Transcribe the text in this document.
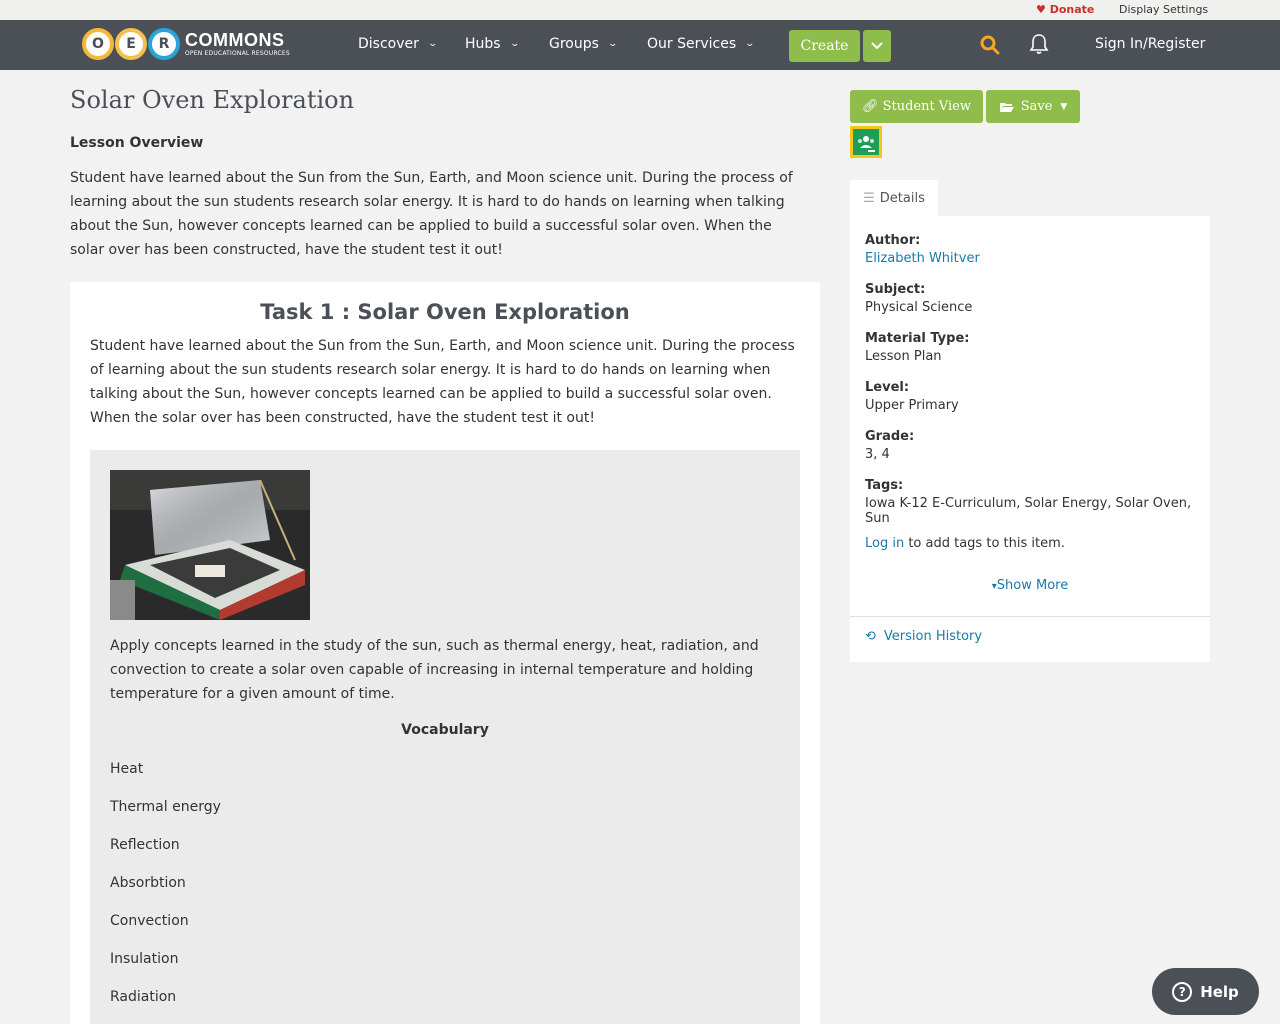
♥ Donate Display Settings
O	E	R COMMONS
OPEN EDUCATIONAL RESOURCES
Discover ⌄ Hubs ⌄ Groups ⌄ Our Services ⌄	Create	Sign In/Register
Solar Oven Exploration
Lesson Overview

Student have learned about the Sun from the Sun, Earth, and Moon science unit. During the process of learning about the sun students research solar energy. It is hard to do hands on learning when talking about the Sun, however concepts learned can be applied to build a successful solar oven. When the solar over has been constructed, have the student test it out!

Task 1 : Solar Oven Exploration

Student have learned about the Sun from the Sun, Earth, and Moon science unit. During the process of learning about the sun students research solar energy. It is hard to do hands on learning when talking about the Sun, however concepts learned can be applied to build a successful solar oven. When the solar over has been constructed, have the student test it out!

Apply concepts learned in the study of the sun, such as thermal energy, heat, radiation, and convection to create a solar oven capable of increasing in internal temperature and holding temperature for a given amount of time.

Vocabulary
Heat
Thermal energy
Reflection
Absorbtion
Convection
Insulation
Radiation
🔗︎ Student View	Save ▼
☰ Details
Author:
Elizabeth Whitver
Subject:
Physical Science
Material Type:
Lesson Plan
Level:
Upper Primary
Grade:
3, 4
Tags:
Iowa K-12 E-Curriculum, Solar Energy, Solar Oven, Sun
Log in to add tags to this item.
▾Show More
⟲ Version History
? Help
